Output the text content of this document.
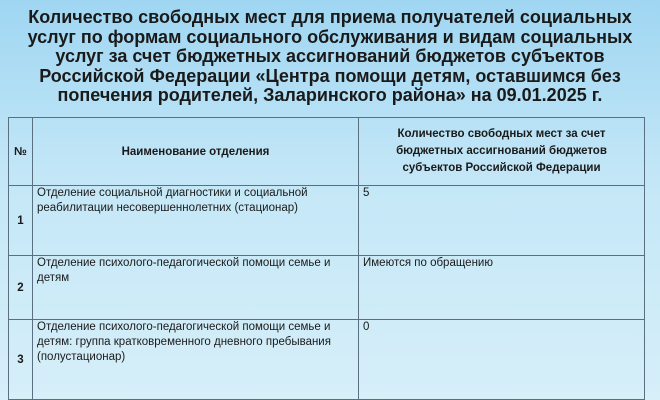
Количество свободных мест для приема получателей социальных услуг по формам социального обслуживания и видам социальных услуг за счет бюджетных ассигнований бюджетов субъектов Российской Федерации «Центра помощи детям, оставшимся без попечения родителей, Заларинского района» на 09.01.2025 г.
№	Наименование отделения	Количество свободных мест за счет бюджетных ассигнований бюджетов субъектов Российской Федерации
1	Отделение социальной диагностики и социальной реабилитации несовершеннолетних (стационар)	5
2	Отделение психолого-педагогической помощи семье и детям	Имеются по обращению
3	Отделение психолого-педагогической помощи семье и детям: группа кратковременного дневного пребывания (полустационар)	0
